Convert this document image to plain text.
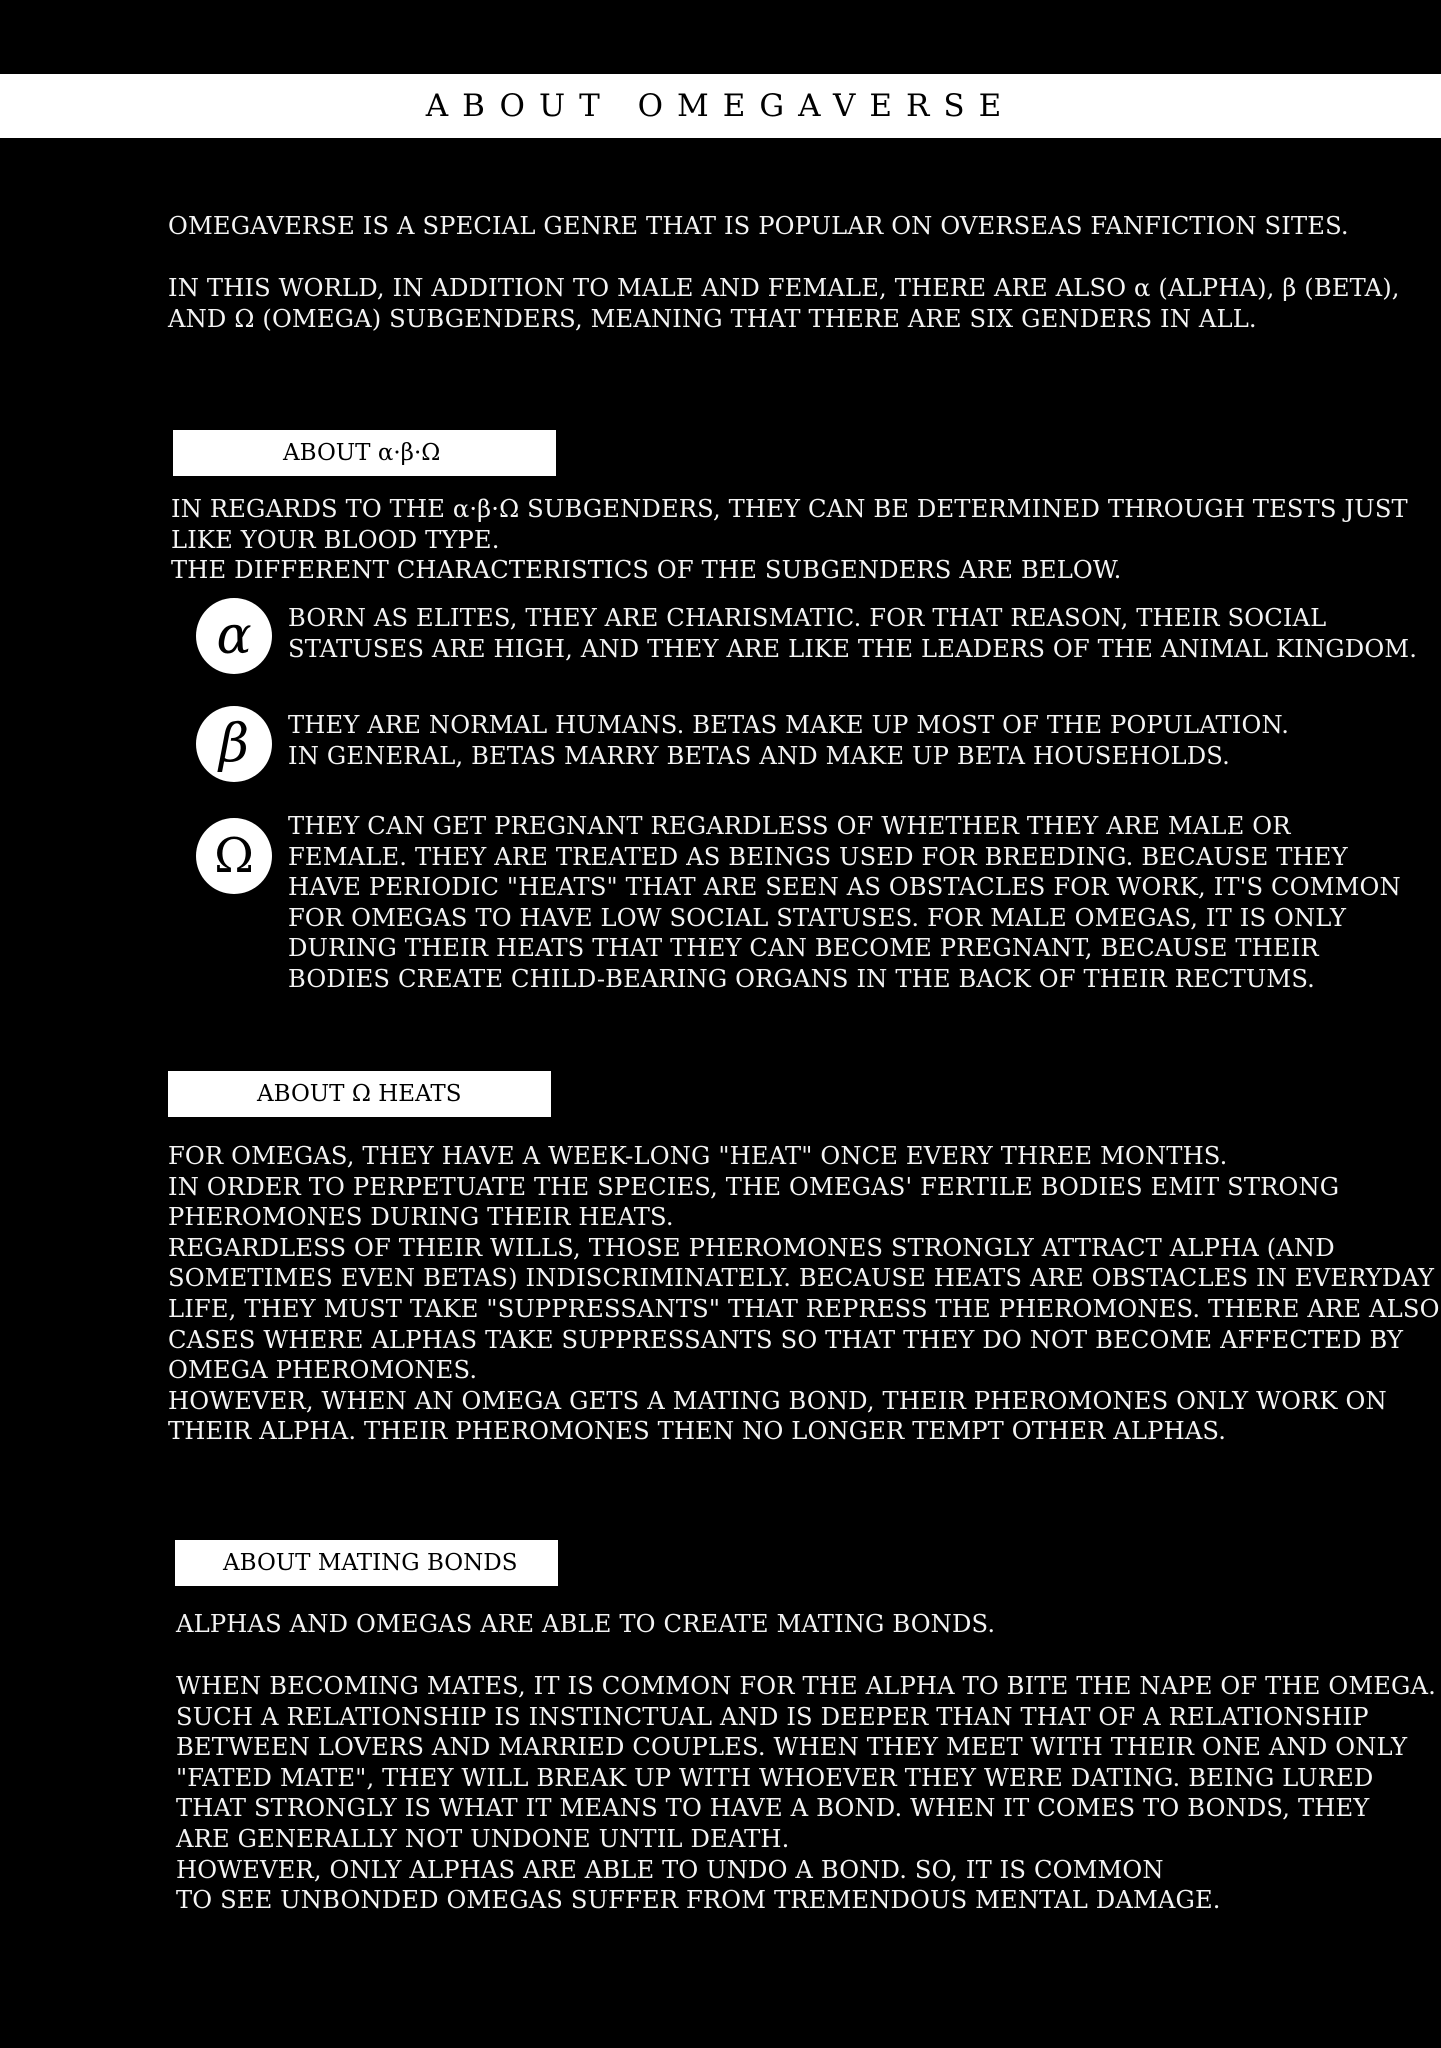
ABOUT OMEGAVERSE

OMEGAVERSE IS A SPECIAL GENRE THAT IS POPULAR ON OVERSEAS FANFICTION SITES.

IN THIS WORLD, IN ADDITION TO MALE AND FEMALE, THERE ARE ALSO α (ALPHA), β (BETA),
AND Ω (OMEGA) SUBGENDERS, MEANING THAT THERE ARE SIX GENDERS IN ALL.

ABOUT α·β·Ω

IN REGARDS TO THE α·β·Ω SUBGENDERS, THEY CAN BE DETERMINED THROUGH TESTS JUST
LIKE YOUR BLOOD TYPE.
THE DIFFERENT CHARACTERISTICS OF THE SUBGENDERS ARE BELOW.

α	BORN AS ELITES, THEY ARE CHARISMATIC. FOR THAT REASON, THEIR SOCIAL
STATUSES ARE HIGH, AND THEY ARE LIKE THE LEADERS OF THE ANIMAL KINGDOM.

β	THEY ARE NORMAL HUMANS. BETAS MAKE UP MOST OF THE POPULATION.
IN GENERAL, BETAS MARRY BETAS AND MAKE UP BETA HOUSEHOLDS.

Ω

THEY CAN GET PREGNANT REGARDLESS OF WHETHER THEY ARE MALE OR
FEMALE. THEY ARE TREATED AS BEINGS USED FOR BREEDING. BECAUSE THEY
HAVE PERIODIC "HEATS" THAT ARE SEEN AS OBSTACLES FOR WORK, IT'S COMMON
FOR OMEGAS TO HAVE LOW SOCIAL STATUSES. FOR MALE OMEGAS, IT IS ONLY
DURING THEIR HEATS THAT THEY CAN BECOME PREGNANT, BECAUSE THEIR
BODIES CREATE CHILD-BEARING ORGANS IN THE BACK OF THEIR RECTUMS.

ABOUT Ω HEATS

FOR OMEGAS, THEY HAVE A WEEK-LONG "HEAT" ONCE EVERY THREE MONTHS.
IN ORDER TO PERPETUATE THE SPECIES, THE OMEGAS' FERTILE BODIES EMIT STRONG
PHEROMONES DURING THEIR HEATS.
REGARDLESS OF THEIR WILLS, THOSE PHEROMONES STRONGLY ATTRACT ALPHA (AND
SOMETIMES EVEN BETAS) INDISCRIMINATELY. BECAUSE HEATS ARE OBSTACLES IN EVERYDAY
LIFE, THEY MUST TAKE "SUPPRESSANTS" THAT REPRESS THE PHEROMONES. THERE ARE ALSO
CASES WHERE ALPHAS TAKE SUPPRESSANTS SO THAT THEY DO NOT BECOME AFFECTED BY
OMEGA PHEROMONES.
HOWEVER, WHEN AN OMEGA GETS A MATING BOND, THEIR PHEROMONES ONLY WORK ON
THEIR ALPHA. THEIR PHEROMONES THEN NO LONGER TEMPT OTHER ALPHAS.

ABOUT MATING BONDS

ALPHAS AND OMEGAS ARE ABLE TO CREATE MATING BONDS.

WHEN BECOMING MATES, IT IS COMMON FOR THE ALPHA TO BITE THE NAPE OF THE OMEGA.
SUCH A RELATIONSHIP IS INSTINCTUAL AND IS DEEPER THAN THAT OF A RELATIONSHIP
BETWEEN LOVERS AND MARRIED COUPLES. WHEN THEY MEET WITH THEIR ONE AND ONLY
"FATED MATE", THEY WILL BREAK UP WITH WHOEVER THEY WERE DATING. BEING LURED
THAT STRONGLY IS WHAT IT MEANS TO HAVE A BOND. WHEN IT COMES TO BONDS, THEY
ARE GENERALLY NOT UNDONE UNTIL DEATH.
HOWEVER, ONLY ALPHAS ARE ABLE TO UNDO A BOND. SO, IT IS COMMON
TO SEE UNBONDED OMEGAS SUFFER FROM TREMENDOUS MENTAL DAMAGE.
